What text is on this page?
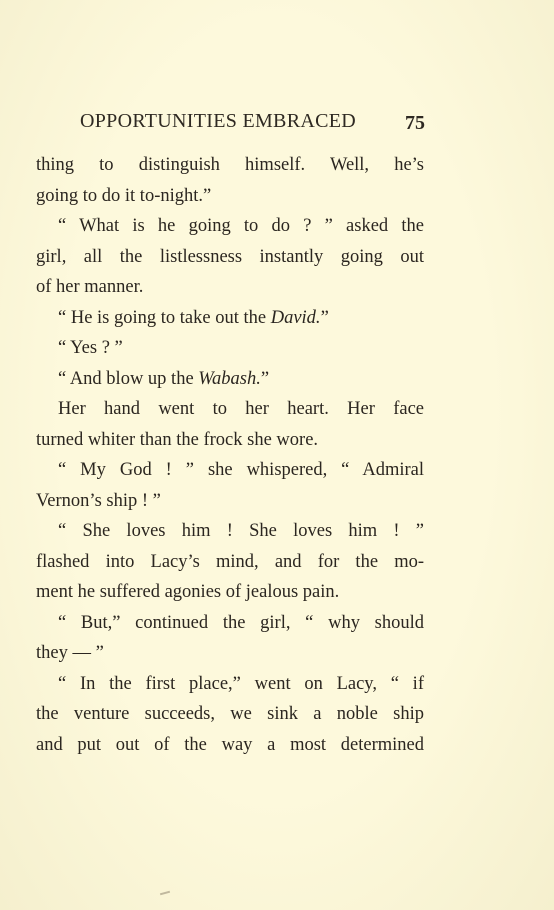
OPPORTUNITIES EMBRACED 75
thing to distinguish himself. Well, he’s
going to do it to-night.”
“ What is he going to do ? ” asked the
girl, all the listlessness instantly going out
of her manner.
“ He is going to take out the David.”
“ Yes ? ”
“ And blow up the Wabash.”
Her hand went to her heart. Her face
turned whiter than the frock she wore.
“ My God ! ” she whispered, “ Admiral
Vernon’s ship ! ”
“ She loves him ! She loves him ! ”
flashed into Lacy’s mind, and for the mo-
ment he suffered agonies of jealous pain.
“ But,” continued the girl, “ why should
they — ”
“ In the first place,” went on Lacy, “ if
the venture succeeds, we sink a noble ship
and put out of the way a most determined
